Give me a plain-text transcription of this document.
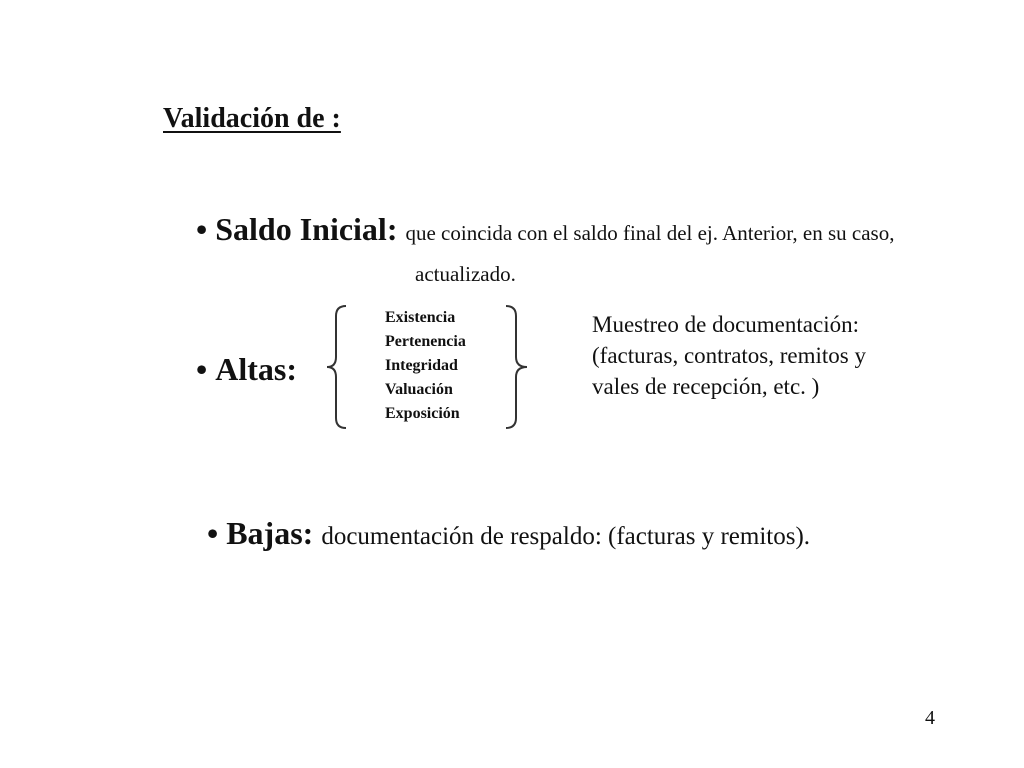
Validación de :
• Saldo Inicial: que coincida con el saldo final del ej. Anterior, en su caso,
actualizado.
• Altas:
Existencia
Pertenencia
Integridad
Valuación
Exposición
Muestreo de documentación:
(facturas, contratos, remitos y
vales de recepción, etc. )
• Bajas: documentación de respaldo: (facturas y remitos).
4
